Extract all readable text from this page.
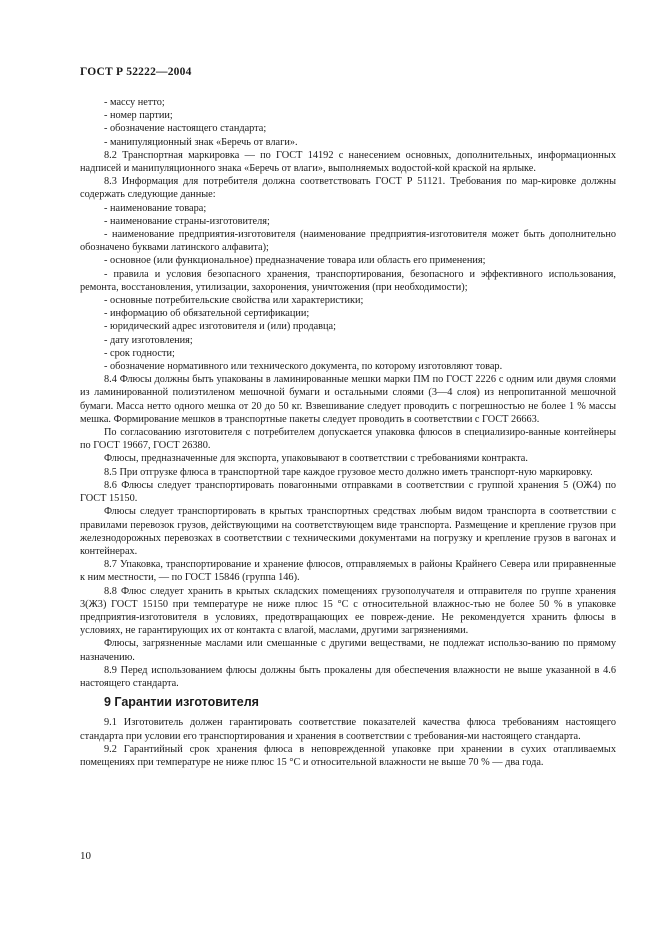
ГОСТ Р 52222—2004

- массу нетто;

- номер партии;

- обозначение настоящего стандарта;

- манипуляционный знак «Беречь от влаги».

8.2 Транспортная маркировка — по ГОСТ 14192 с нанесением основных, дополнительных, информационных надписей и манипуляционного знака «Беречь от влаги», выполняемых водостой-кой краской на ярлыке.

8.3 Информация для потребителя должна соответствовать ГОСТ Р 51121. Требования по мар-кировке должны содержать следующие данные:

- наименование товара;

- наименование страны-изготовителя;

- наименование предприятия-изготовителя (наименование предприятия-изготовителя может быть дополнительно обозначено буквами латинского алфавита);

- основное (или функциональное) предназначение товара или область его применения;

- правила и условия безопасного хранения, транспортирования, безопасного и эффективного использования, ремонта, восстановления, утилизации, захоронения, уничтожения (при необходимости);

- основные потребительские свойства или характеристики;

- информацию об обязательной сертификации;

- юридический адрес изготовителя и (или) продавца;

- дату изготовления;

- срок годности;

- обозначение нормативного или технического документа, по которому изготовляют товар.

8.4 Флюсы должны быть упакованы в ламинированные мешки марки ПМ по ГОСТ 2226 с одним или двумя слоями из ламинированной полиэтиленом мешочной бумаги и остальными слоями (3—4 слоя) из непропитанной мешочной бумаги. Масса нетто одного мешка от 20 до 50 кг. Взвешивание следует проводить с погрешностью не более 1 % массы мешка. Формирование мешков в транспортные пакеты следует проводить в соответствии с ГОСТ 26663.

По согласованию изготовителя с потребителем допускается упаковка флюсов в специализиро-ванные контейнеры по ГОСТ 19667, ГОСТ 26380.

Флюсы, предназначенные для экспорта, упаковывают в соответствии с требованиями контракта.

8.5 При отгрузке флюса в транспортной таре каждое грузовое место должно иметь транспорт-ную маркировку.

8.6 Флюсы следует транспортировать повагонными отправками в соответствии с группой хранения 5 (ОЖ4) по ГОСТ 15150.

Флюсы следует транспортировать в крытых транспортных средствах любым видом транспорта в соответствии с правилами перевозок грузов, действующими на соответствующем виде транспорта. Размещение и крепление грузов при железнодорожных перевозках в соответствии с техническими документами на погрузку и крепление грузов в вагонах и контейнерах.

8.7 Упаковка, транспортирование и хранение флюсов, отправляемых в районы Крайнего Севера или приравненные к ним местности, — по ГОСТ 15846 (группа 146).

8.8 Флюс следует хранить в крытых складских помещениях грузополучателя и отправителя по группе хранения 3(Ж3) ГОСТ 15150 при температуре не ниже плюс 15 °С с относительной влажнос-тью не более 50 % в упаковке предприятия-изготовителя в условиях, предотвращающих ее повреж-дение. Не рекомендуется хранить флюсы в условиях, не гарантирующих их от контакта с влагой, маслами, другими загрязнениями.

Флюсы, загрязненные маслами или смешанные с другими веществами, не подлежат использо-ванию по прямому назначению.

8.9 Перед использованием флюсы должны быть прокалены для обеспечения влажности не выше указанной в 4.6 настоящего стандарта.

9 Гарантии изготовителя

9.1 Изготовитель должен гарантировать соответствие показателей качества флюса требованиям настоящего стандарта при условии его транспортирования и хранения в соответствии с требования-ми настоящего стандарта.

9.2 Гарантийный срок хранения флюса в неповрежденной упаковке при хранении в сухих отапливаемых помещениях при температуре не ниже плюс 15 °С и относительной влажности не выше 70 % — два года.

10
